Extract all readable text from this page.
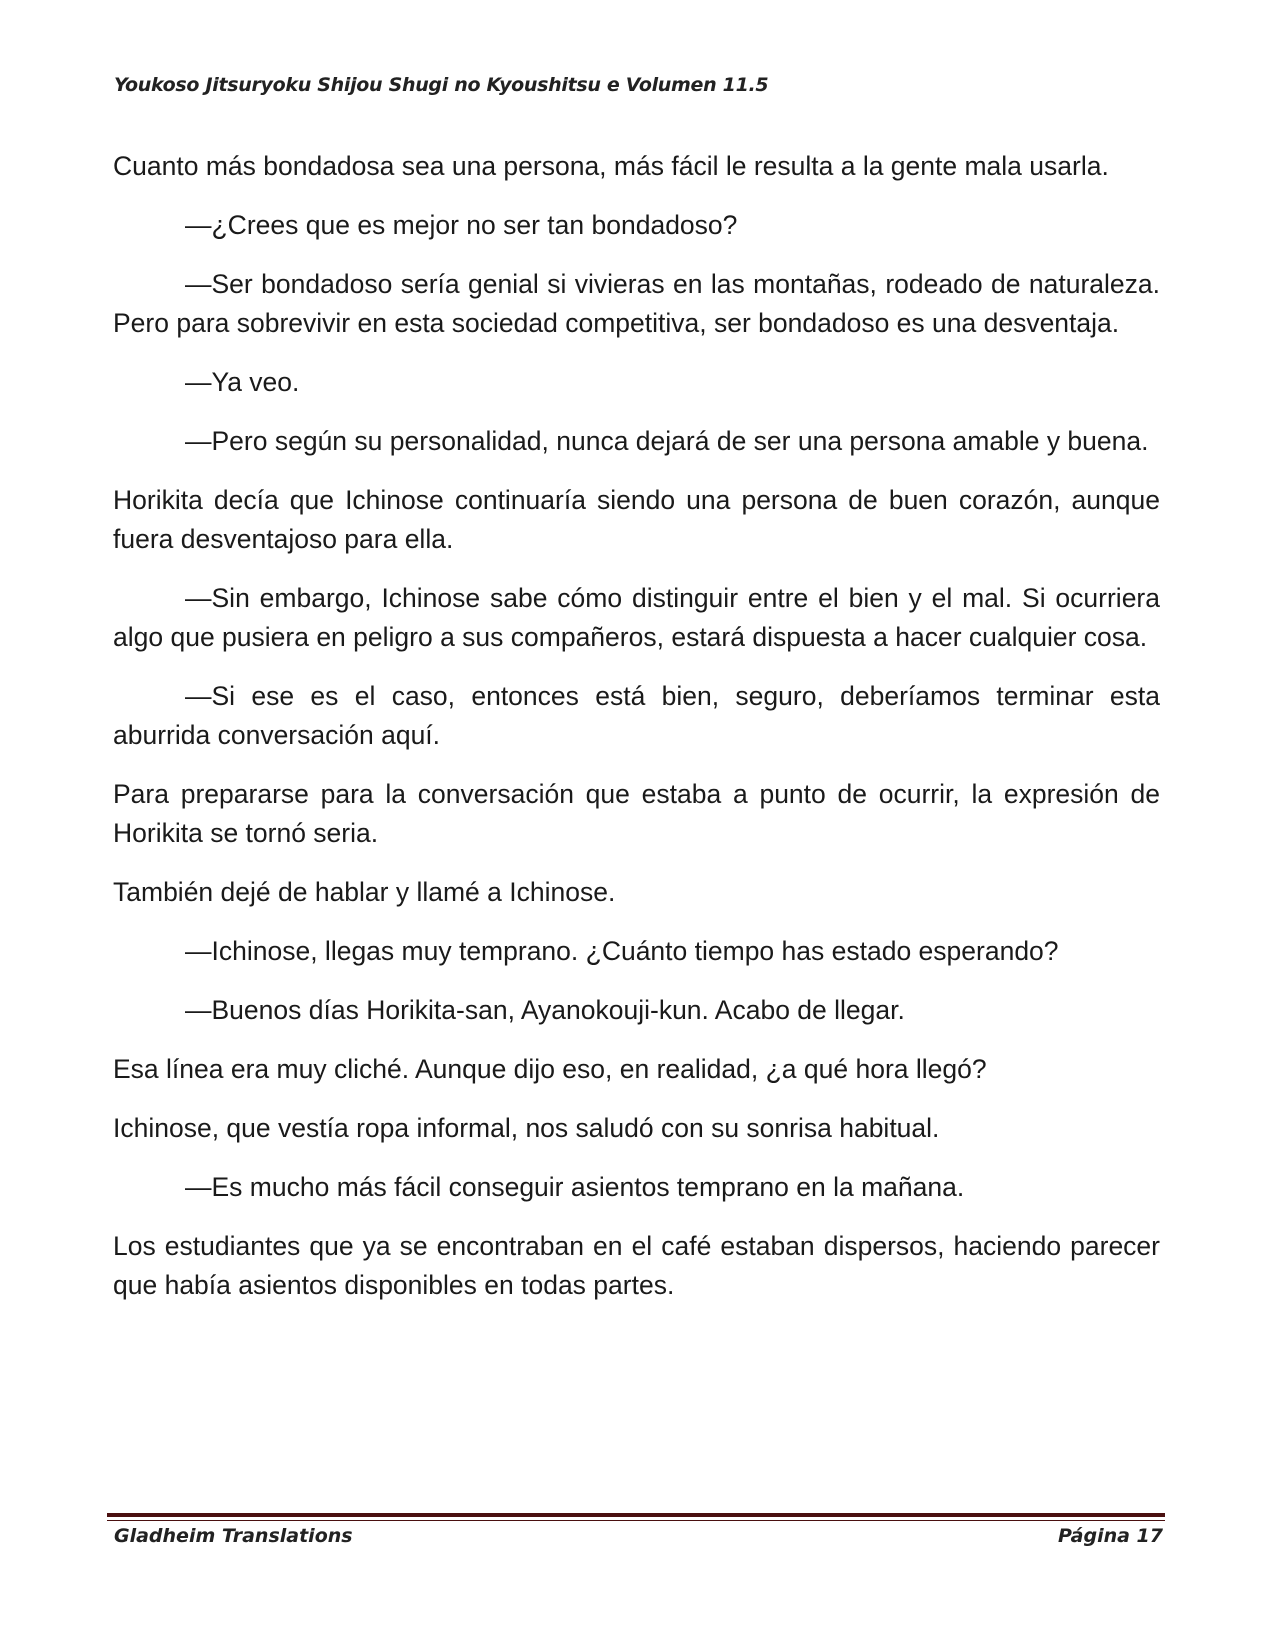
Youkoso Jitsuryoku Shijou Shugi no Kyoushitsu e Volumen 11.5

Cuanto más bondadosa sea una persona, más fácil le resulta a la gente mala usarla.

—¿Crees que es mejor no ser tan bondadoso?

—Ser bondadoso sería genial si vivieras en las montañas, rodeado de naturaleza. Pero para sobrevivir en esta sociedad competitiva, ser bondadoso es una desventaja.

—Ya veo.

—Pero según su personalidad, nunca dejará de ser una persona amable y buena.

Horikita decía que Ichinose continuaría siendo una persona de buen corazón, aunque fuera desventajoso para ella.

—Sin embargo, Ichinose sabe cómo distinguir entre el bien y el mal. Si ocurriera algo que pusiera en peligro a sus compañeros, estará dispuesta a hacer cualquier cosa.

—Si ese es el caso, entonces está bien, seguro, deberíamos terminar esta aburrida conversación aquí.

Para prepararse para la conversación que estaba a punto de ocurrir, la expresión de Horikita se tornó seria.

También dejé de hablar y llamé a Ichinose.

—Ichinose, llegas muy temprano. ¿Cuánto tiempo has estado esperando?

—Buenos días Horikita-san, Ayanokouji-kun. Acabo de llegar.

Esa línea era muy cliché. Aunque dijo eso, en realidad, ¿a qué hora llegó?

Ichinose, que vestía ropa informal, nos saludó con su sonrisa habitual.

—Es mucho más fácil conseguir asientos temprano en la mañana.

Los estudiantes que ya se encontraban en el café estaban dispersos, haciendo parecer que había asientos disponibles en todas partes.

Gladheim Translations	Página 17
